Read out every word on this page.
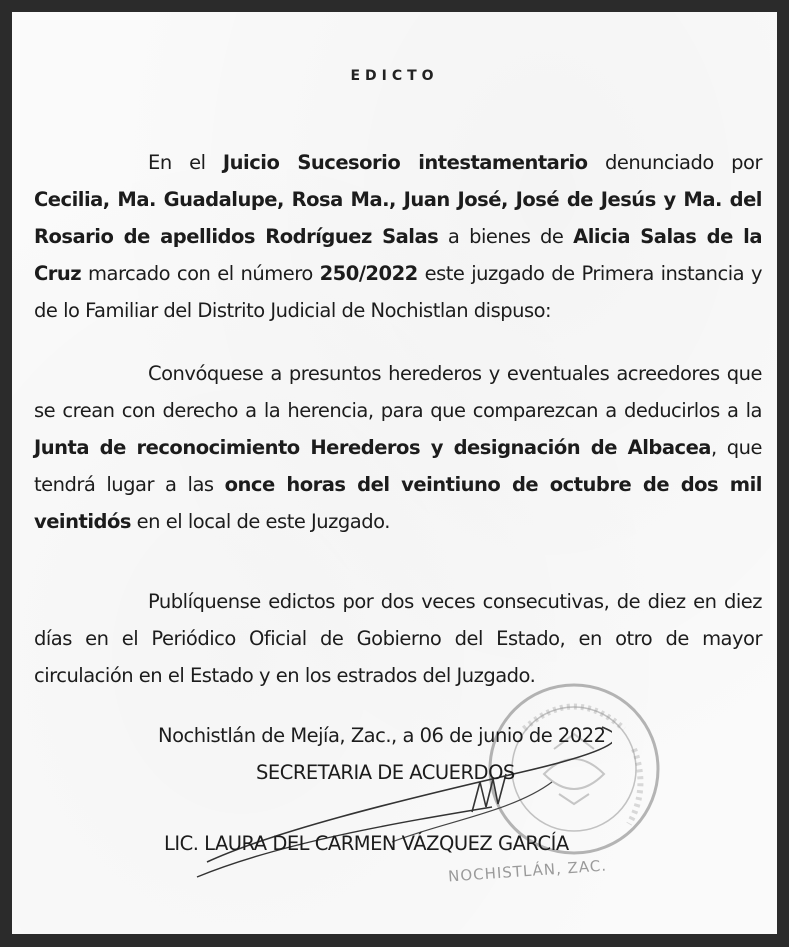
EDICTO
En el Juicio Sucesorio intestamentario denunciado por Cecilia, Ma. Guadalupe, Rosa Ma., Juan José, José de Jesús y Ma. del Rosario de apellidos Rodríguez Salas a bienes de Alicia Salas de la Cruz marcado con el número 250/2022 este juzgado de Primera instancia y de lo Familiar del Distrito Judicial de Nochistlan dispuso:
Convóquese a presuntos herederos y eventuales acreedores que se crean con derecho a la herencia, para que comparezcan a deducirlos a la Junta de reconocimiento Herederos y designación de Albacea, que tendrá lugar a las once horas del veintiuno de octubre de dos mil veintidós en el local de este Juzgado.
Publíquense edictos por dos veces consecutivas, de diez en diez días en el Periódico Oficial de Gobierno del Estado, en otro de mayor circulación en el Estado y en los estrados del Juzgado.
Nochistlán de Mejía, Zac., a 06 de junio de 2022
SECRETARIA DE ACUERDOS
LIC. LAURA DEL CARMEN VÁZQUEZ GARCÍA
NOCHISTLÁN, ZAC.
